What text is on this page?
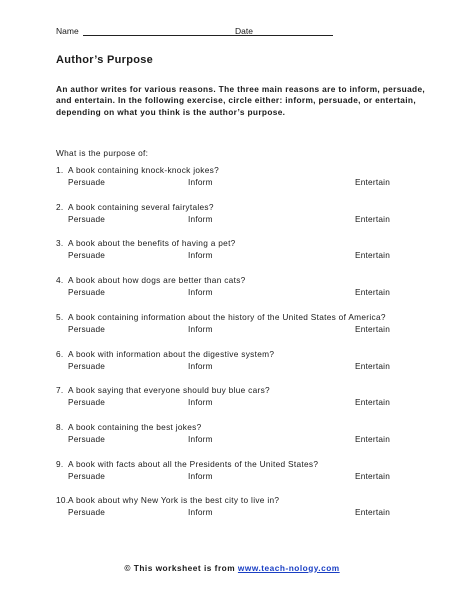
Name	Date
Author’s Purpose
An author writes for various reasons. The three main reasons are to inform, persuade, and entertain. In the following exercise, circle either: inform, persuade, or entertain, depending on what you think is the author’s purpose.
What is the purpose of:
1. A book containing knock-knock jokes?
Persuade	Inform	Entertain
2. A book containing several fairytales?
Persuade	Inform	Entertain
3. A book about the benefits of having a pet?
Persuade	Inform	Entertain
4. A book about how dogs are better than cats?
Persuade	Inform	Entertain
5. A book containing information about the history of the United States of America?
Persuade	Inform	Entertain
6. A book with information about the digestive system?
Persuade	Inform	Entertain
7. A book saying that everyone should buy blue cars?
Persuade	Inform	Entertain
8. A book containing the best jokes?
Persuade	Inform	Entertain
9. A book with facts about all the Presidents of the United States?
Persuade	Inform	Entertain
10.A book about why New York is the best city to live in?
Persuade	Inform	Entertain
© This worksheet is from www.teach-nology.com
